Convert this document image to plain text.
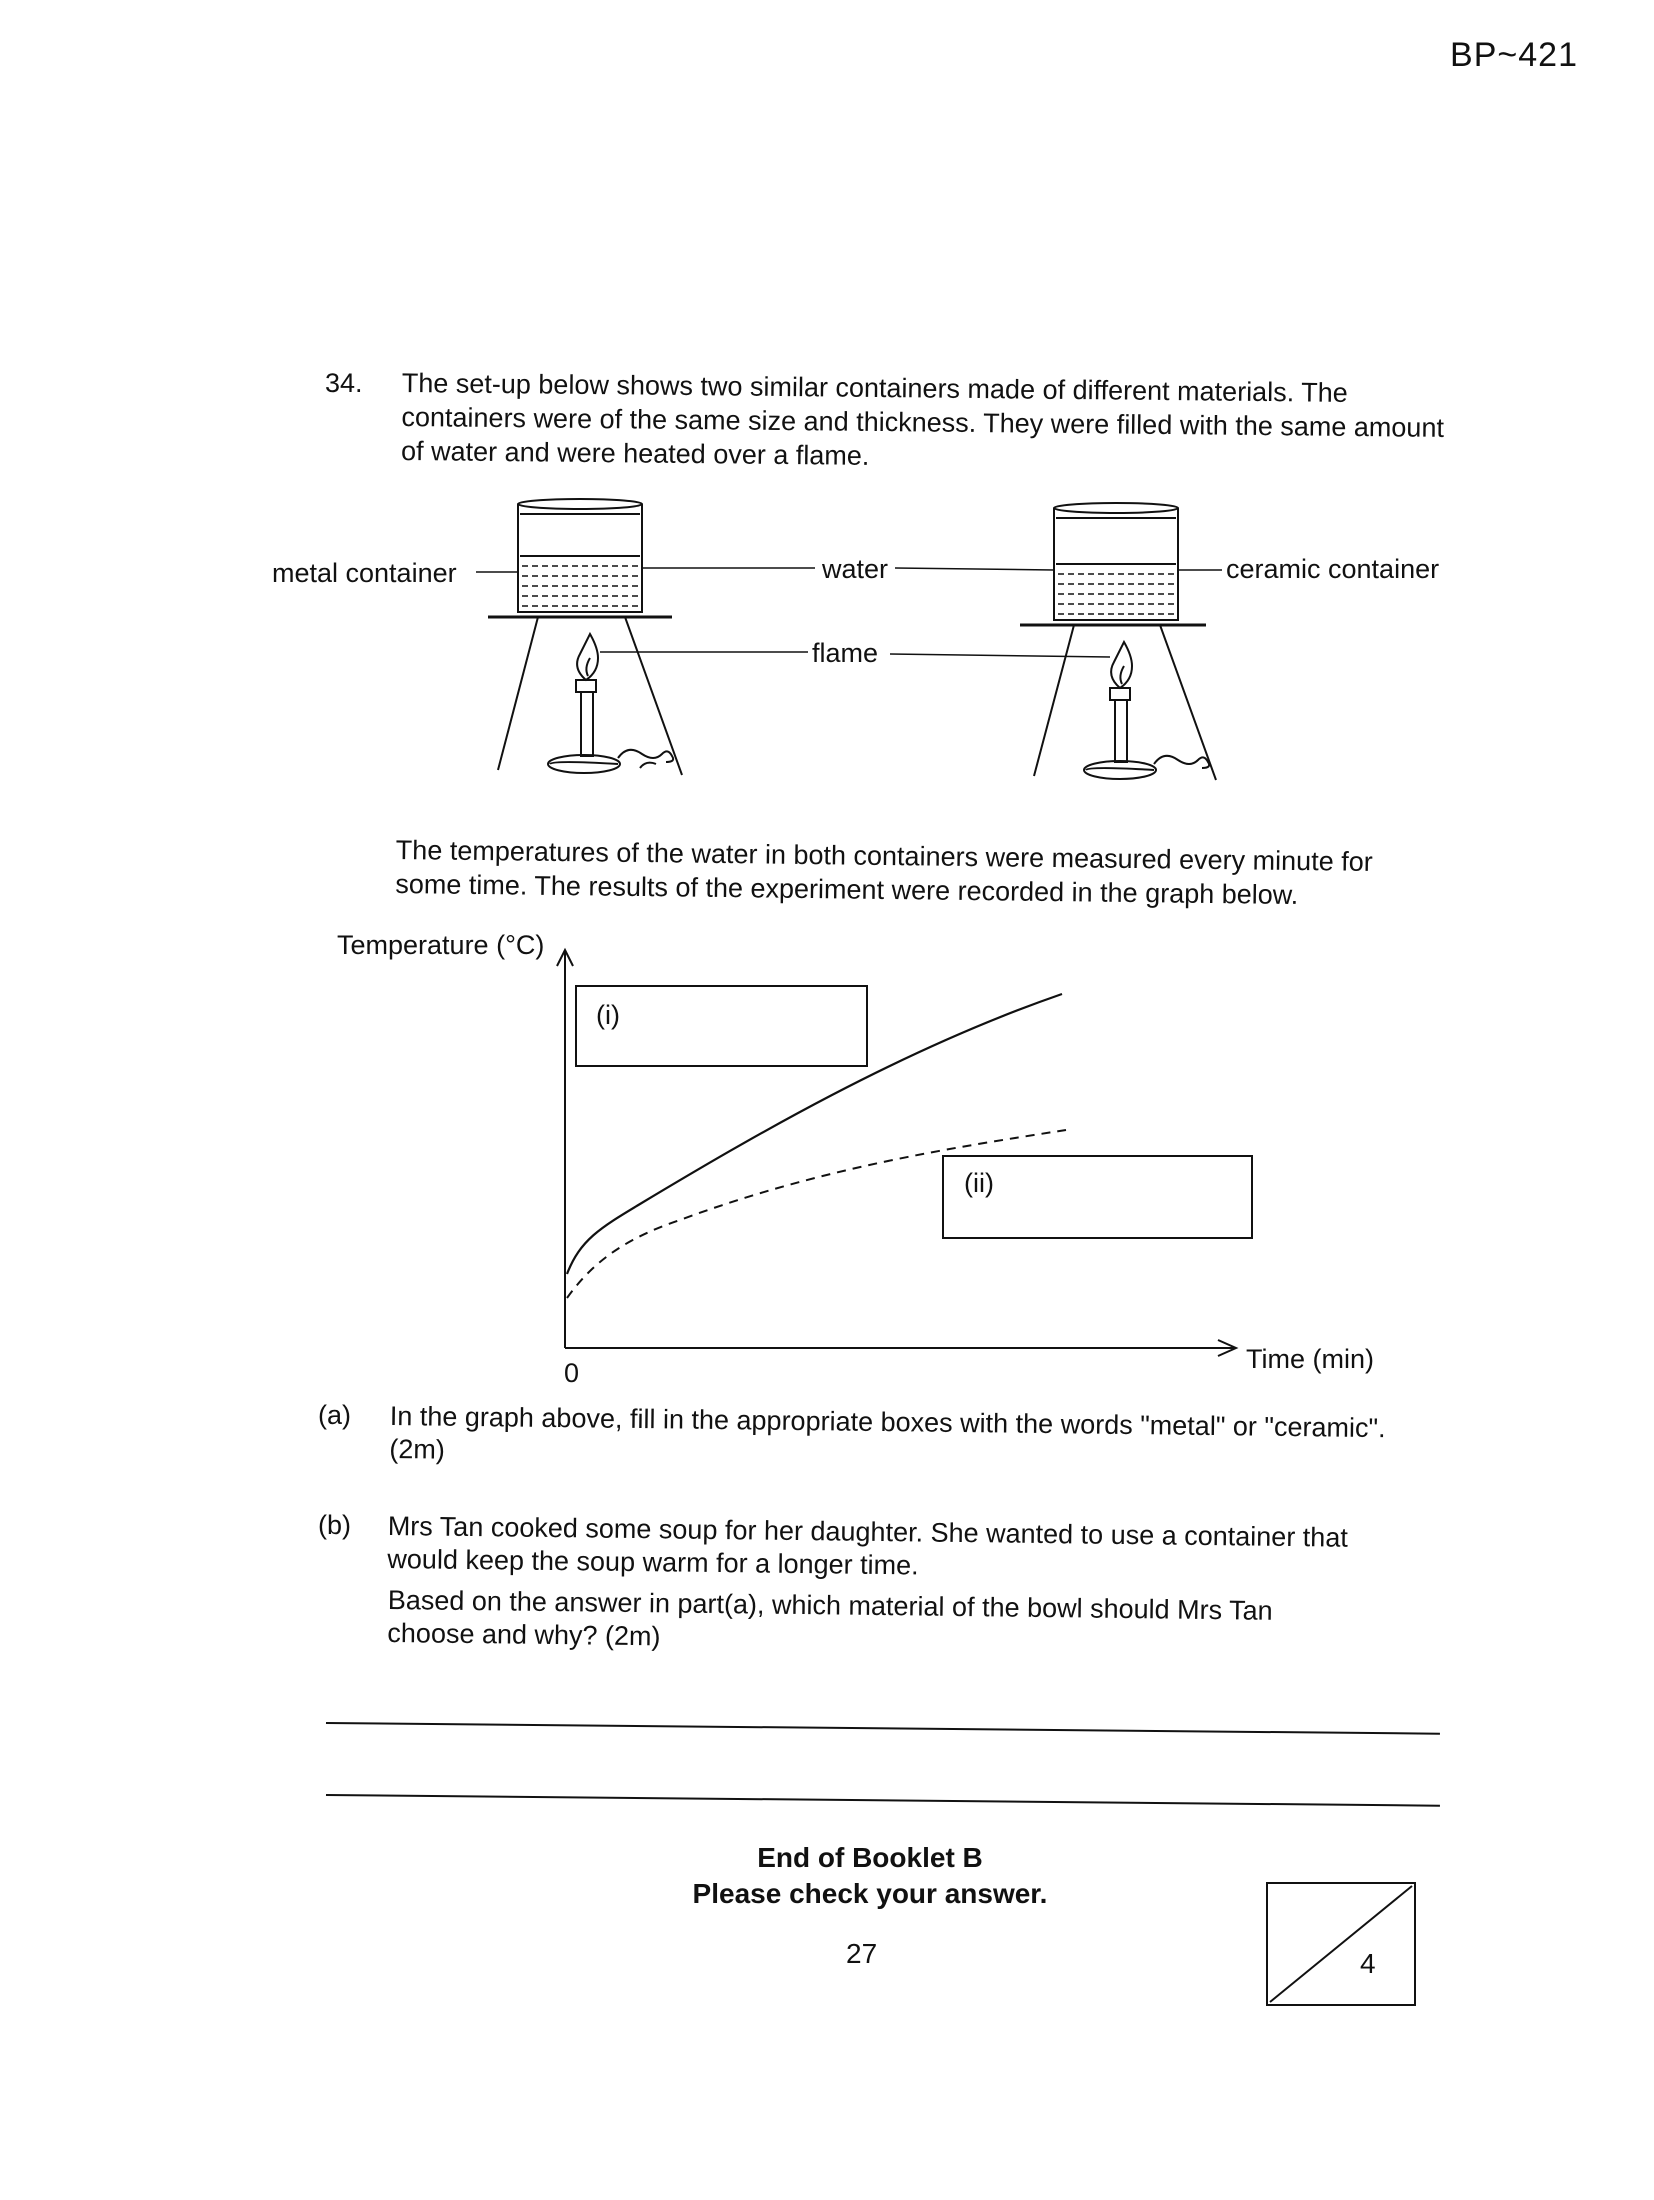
BP~421
34. The set-up below shows two similar containers made of different materials. The containers were of the same size and thickness. They were filled with the same amount of water and were heated over a flame.
metal container	water	ceramic container
flame
The temperatures of the water in both containers were measured every minute for some time. The results of the experiment were recorded in the graph below.
Temperature (°C)
Time (min)
0
(i)
(ii)
(a) In the graph above, fill in the appropriate boxes with the words "metal" or "ceramic". (2m)
(b) Mrs Tan cooked some soup for her daughter. She wanted to use a container that would keep the soup warm for a longer time.
Based on the answer in part(a), which material of the bowl should Mrs Tan choose and why? (2m)
End of Booklet B
Please check your answer.
27	4
